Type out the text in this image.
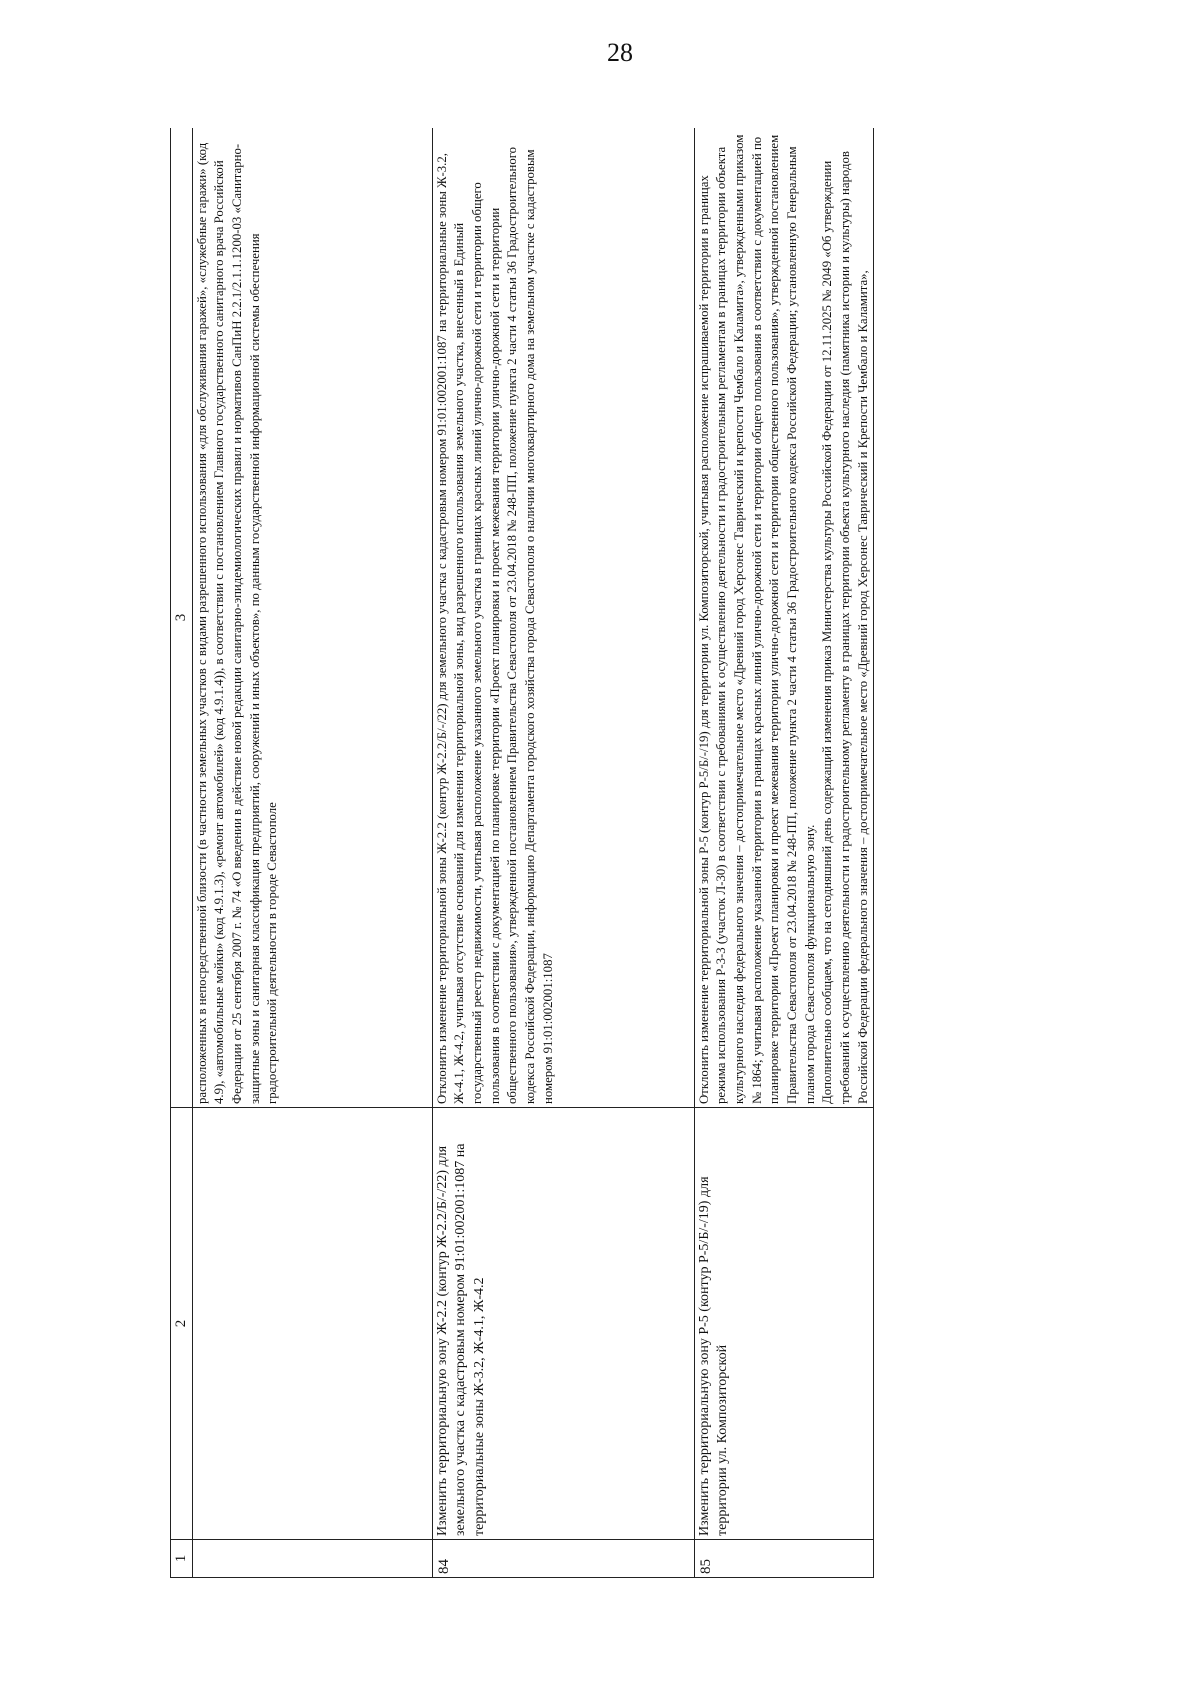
28
1	2	3
		расположенных в непосредственной близости (в частности земельных участков с видами разрешенного использования «для обслуживания гаражей», «служебные гаражи» (код 4.9), «автомобильные мойки» (код 4.9.1.3), «ремонт автомобилей» (код 4.9.1.4)), в соответствии с постановлением Главного государственного санитарного врача Российской Федерации от 25 сентября 2007 г. № 74 «О введении в действие новой редакции санитарно-эпидемиологических правил и нормативов СанПиН 2.2.1/2.1.1.1200-03 «Санитарно-защитные зоны и санитарная классификация предприятий, сооружений и иных объектов», по данным государственной информационной системы обеспечения градостроительной деятельности в городе Севастополе
84	Изменить территориальную зону Ж-2.2 (контур Ж-2.2/Б/-/22) для земельного участка с кадастровым номером 91:01:002001:1087 на территориальные зоны Ж-3.2, Ж-4.1, Ж-4.2	Отклонить изменение территориальной зоны Ж-2.2 (контур Ж-2.2/Б/-/22) для земельного участка с кадастровым номером 91:01:002001:1087 на территориальные зоны Ж-3.2, Ж-4.1, Ж-4.2, учитывая отсутствие оснований для изменения территориальной зоны, вид разрешенного использования земельного участка, внесенный в Единый государственный реестр недвижимости, учитывая расположение указанного земельного участка в границах красных линий улично-дорожной сети и территории общего пользования в соответствии с документацией по планировке территории «Проект планировки и проект межевания территории улично-дорожной сети и территории общественного пользования», утвержденной постановлением Правительства Севастополя от 23.04.2018 № 248-ПП, положение пункта 2 части 4 статьи 36 Градостроительного кодекса Российской Федерации, информацию Департамента городского хозяйства города Севастополя о наличии многоквартирного дома на земельном участке с кадастровым номером 91:01:002001:1087
85	Изменить территориальную зону Р-5 (контур Р-5/Б/-/19) для территории ул. Композиторской	Отклонить изменение территориальной зоны Р-5 (контур Р-5/Б/-/19) для территории ул. Композиторской, учитывая расположение испрашиваемой территории в границах режима использования Р-3-3 (участок Л-30) в соответствии с требованиями к осуществлению деятельности и градостроительным регламентам в границах территории объекта культурного наследия федерального значения – достопримечательное место «Древний город Херсонес Таврический и крепости Чембало и Каламита», утвержденными приказом № 1864; учитывая расположение указанной территории в границах красных линий улично-дорожной сети и территории общего пользования в соответствии с документацией по планировке территории «Проект планировки и проект межевания территории улично-дорожной сети и территории общественного пользования», утвержденной постановлением Правительства Севастополя от 23.04.2018 № 248-ПП, положение пункта 2 части 4 статьи 36 Градостроительного кодекса Российской Федерации; установленную Генеральным планом города Севастополя функциональную зону. Дополнительно сообщаем, что на сегодняшний день содержащий изменения приказ Министерства культуры Российской Федерации от 12.11.2025 № 2049 «Об утверждении требований к осуществлению деятельности и градостроительному регламенту в границах территории объекта культурного наследия (памятника истории и культуры) народов Российской Федерации федерального значения – достопримечательное место «Древний город Херсонес Таврический и Крепости Чембало и Каламита»,
